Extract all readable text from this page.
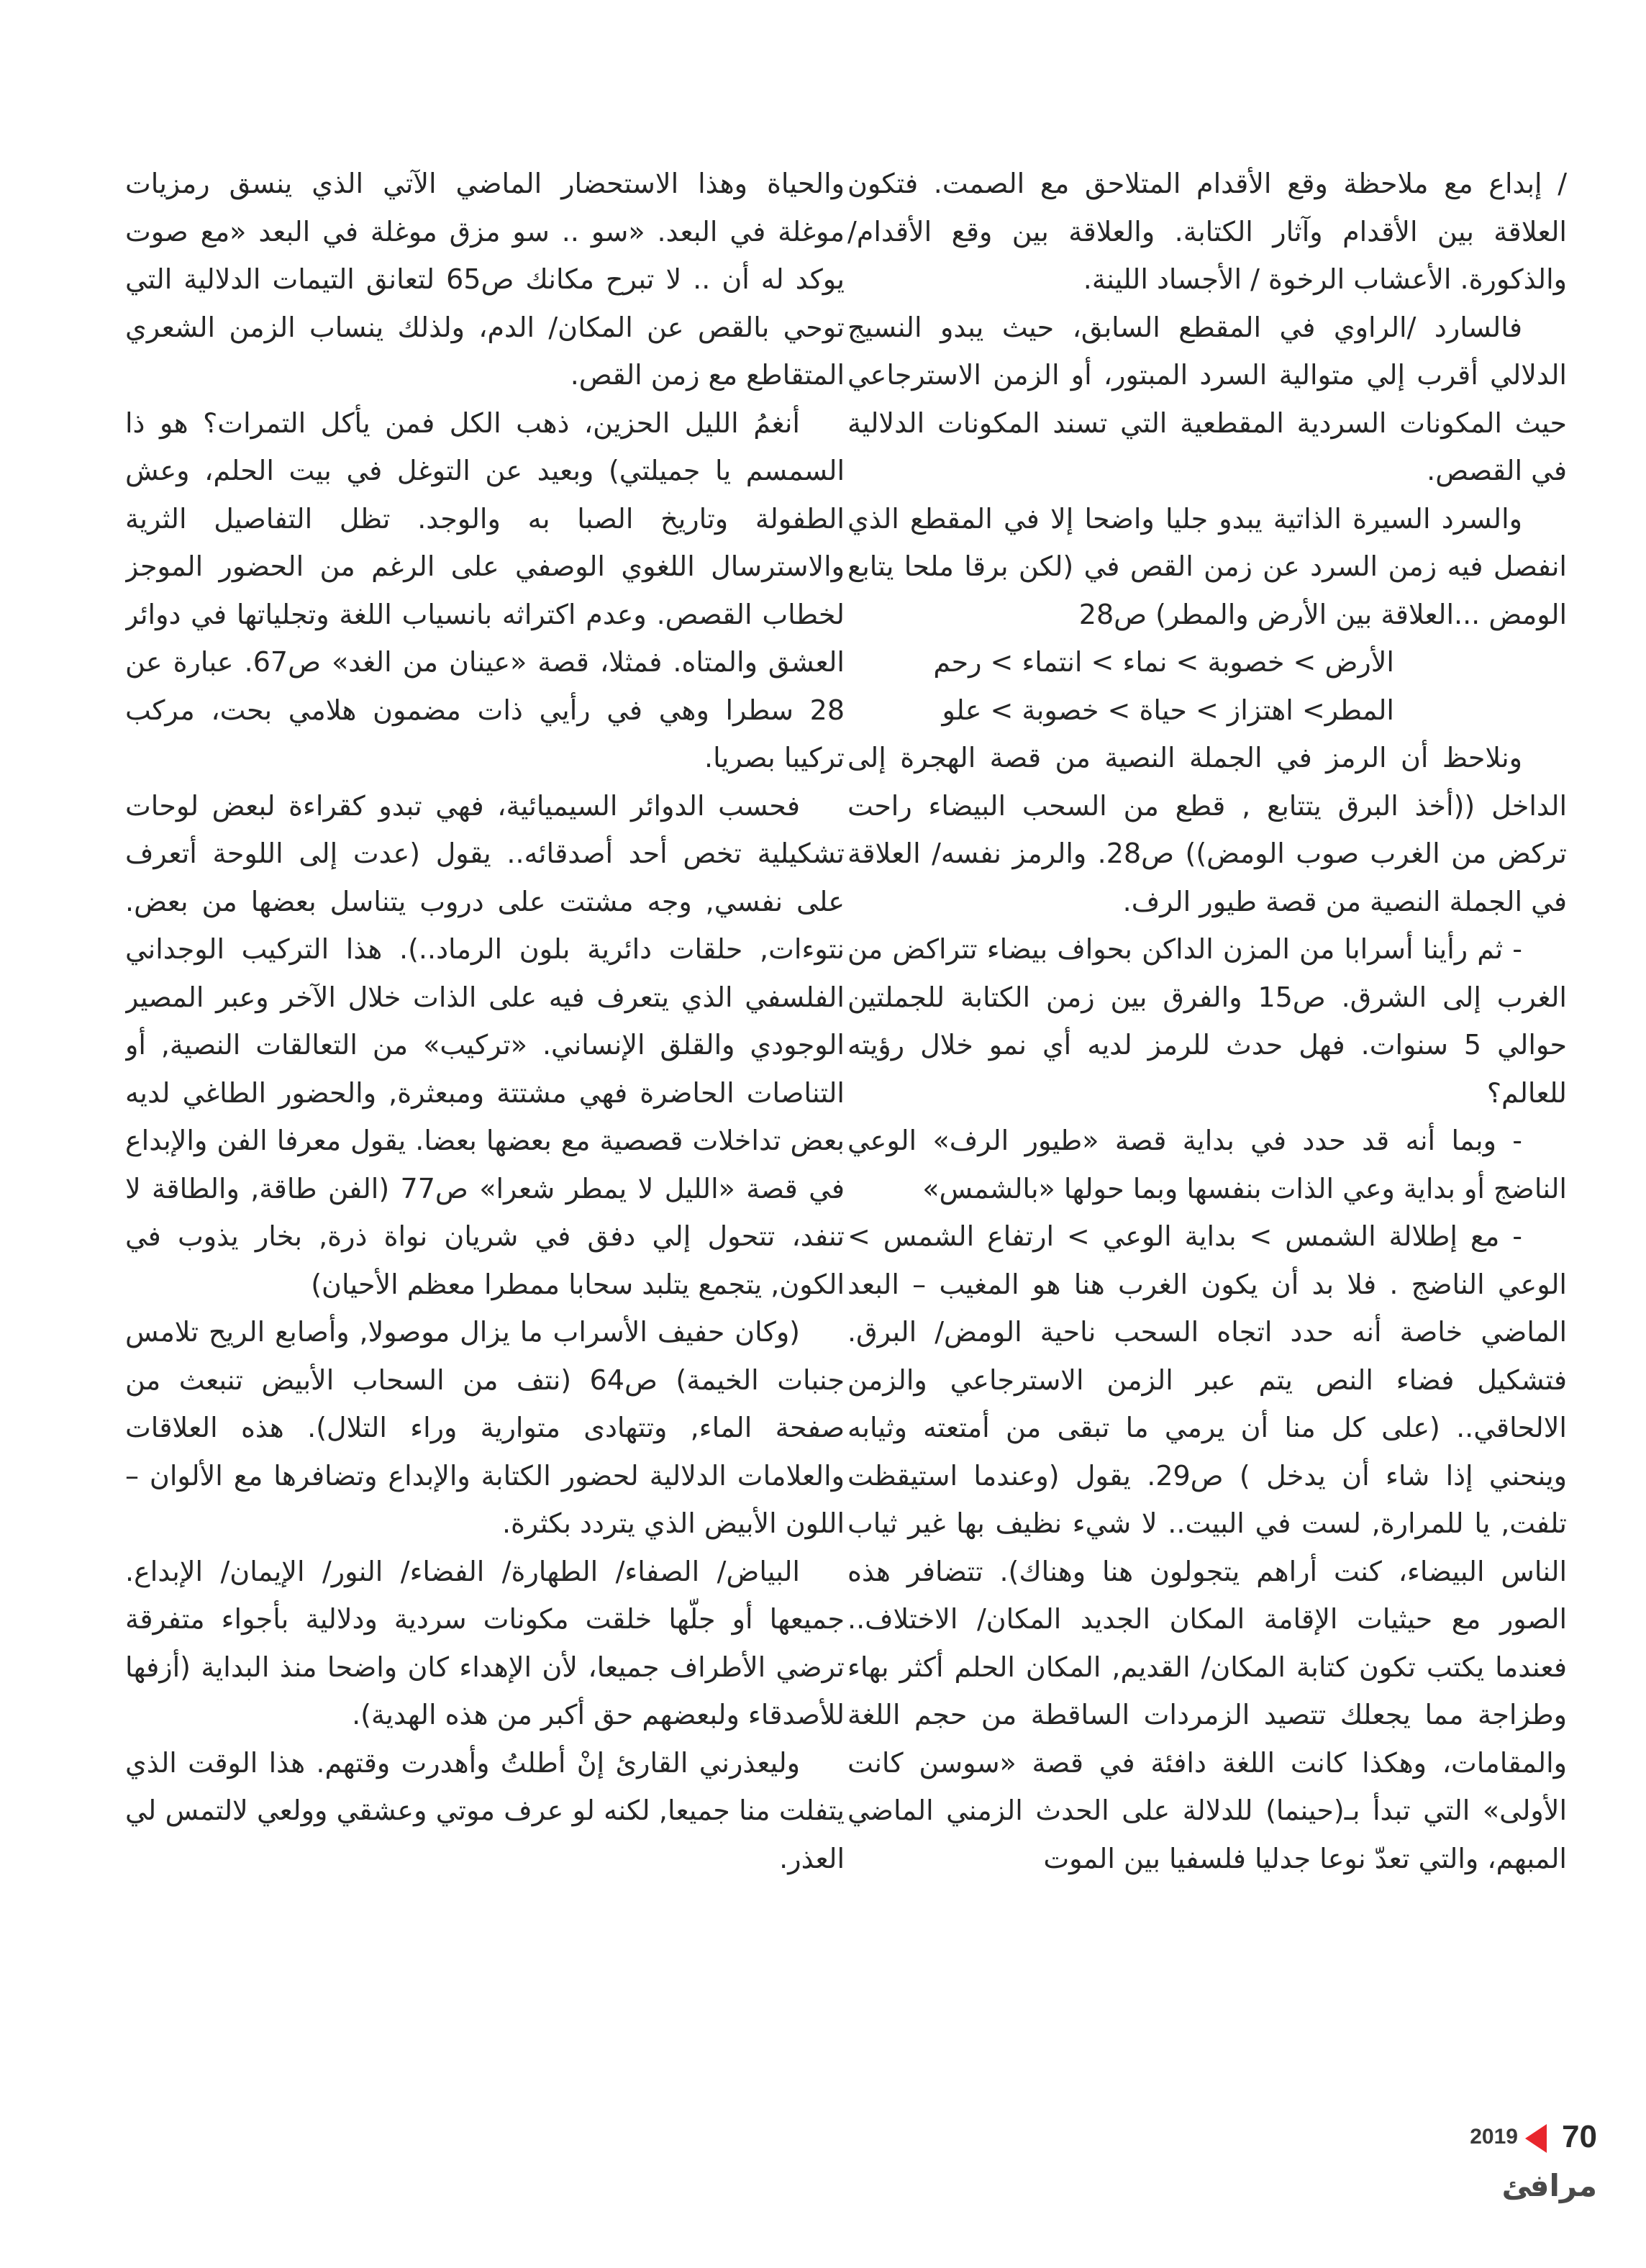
/ إبداع مع ملاحظة وقع الأقدام المتلاحق مع الصمت. فتكون العلاقة بين الأقدام وآثار الكتابة. والعلاقة بين وقع الأقدام/ والذكورة. الأعشاب الرخوة / الأجساد اللينة.

فالسارد /الراوي في المقطع السابق، حيث يبدو النسيج الدلالي أقرب إلي متوالية السرد المبتور، أو الزمن الاسترجاعي حيث المكونات السردية المقطعية التي تسند المكونات الدلالية في القصص.

والسرد السيرة الذاتية يبدو جليا واضحا إلا في المقطع الذي انفصل فيه زمن السرد عن زمن القص في (لكن برقا ملحا يتابع الومض ...العلاقة بين الأرض والمطر) ص28

الأرض > خصوبة > نماء > انتماء > رحم

المطر> اهتزاز > حياة > خصوبة > علو

ونلاحظ أن الرمز في الجملة النصية من قصة الهجرة إلى الداخل ((أخذ البرق يتتابع , قطع من السحب البيضاء راحت تركض من الغرب صوب الومض)) ص28. والرمز نفسه/ العلاقة في الجملة النصية من قصة طيور الرف.

- ثم رأينا أسرابا من المزن الداكن بحواف بيضاء تتراكض من الغرب إلى الشرق. ص15 والفرق بين زمن الكتابة للجملتين حوالي 5 سنوات. فهل حدث للرمز لديه أي نمو خلال رؤيته للعالم؟

- وبما أنه قد حدد في بداية قصة «طيور الرف» الوعي الناضج أو بداية وعي الذات بنفسها وبما حولها «بالشمس»

- مع إطلالة الشمس > بداية الوعي > ارتفاع الشمس > الوعي الناضج . فلا بد أن يكون الغرب هنا هو المغيب – البعد الماضي خاصة أنه حدد اتجاه السحب ناحية الومض/ البرق. فتشكيل فضاء النص يتم عبر الزمن الاسترجاعي والزمن الالحاقي.. (على كل منا أن يرمي ما تبقى من أمتعته وثيابه وينحني إذا شاء أن يدخل ) ص29. يقول (وعندما استيقظت تلفت, يا للمرارة, لست في البيت.. لا شيء نظيف بها غير ثياب الناس البيضاء، كنت أراهم يتجولون هنا وهناك). تتضافر هذه الصور مع حيثيات الإقامة المكان الجديد المكان/ الاختلاف.. فعندما يكتب تكون كتابة المكان/ القديم, المكان الحلم أكثر بهاء وطزاجة مما يجعلك تتصيد الزمردات الساقطة من حجم اللغة والمقامات، وهكذا كانت اللغة دافئة في قصة «سوسن كانت الأولى» التي تبدأ بـ(حينما) للدلالة على الحدث الزمني الماضي المبهم، والتي تعدّ نوعا جدليا فلسفيا بين الموت

والحياة وهذا الاستحضار الماضي الآتي الذي ينسق رمزيات موغلة في البعد. «سو .. سو مزق موغلة في البعد «مع صوت يوكد له أن .. لا تبرح مكانك ص65 لتعانق التيمات الدلالية التي توحي بالقص عن المكان/ الدم، ولذلك ينساب الزمن الشعري المتقاطع مع زمن القص.

أنغمُ الليل الحزين، ذهب الكل فمن يأكل التمرات؟ هو ذا السمسم يا جميلتي) وبعيد عن التوغل في بيت الحلم، وعش الطفولة وتاريخ الصبا به والوجد. تظل التفاصيل الثرية والاسترسال اللغوي الوصفي على الرغم من الحضور الموجز لخطاب القصص. وعدم اكتراثه بانسياب اللغة وتجلياتها في دوائر العشق والمتاه. فمثلا، قصة «عينان من الغد» ص67. عبارة عن 28 سطرا وهي في رأيي ذات مضمون هلامي بحت، مركب تركيبا بصريا.

فحسب الدوائر السيميائية، فهي تبدو كقراءة لبعض لوحات تشكيلية تخص أحد أصدقائه.. يقول (عدت إلى اللوحة أتعرف على نفسي, وجه مشتت على دروب يتناسل بعضها من بعض. نتوءات, حلقات دائرية بلون الرماد..). هذا التركيب الوجداني الفلسفي الذي يتعرف فيه على الذات خلال الآخر وعبر المصير الوجودي والقلق الإنساني. «تركيب» من التعالقات النصية, أو التناصات الحاضرة فهي مشتتة ومبعثرة, والحضور الطاغي لديه بعض تداخلات قصصية مع بعضها بعضا. يقول معرفا الفن والإبداع في قصة «الليل لا يمطر شعرا» ص77 (الفن طاقة, والطاقة لا تنفد، تتحول إلي دفق في شريان نواة ذرة, بخار يذوب في الكون, يتجمع يتلبد سحابا ممطرا معظم الأحيان)

(وكان حفيف الأسراب ما يزال موصولا, وأصابع الريح تلامس جنبات الخيمة) ص64 (نتف من السحاب الأبيض تنبعث من صفحة الماء, وتتهادى متوارية وراء التلال). هذه العلاقات والعلامات الدلالية لحضور الكتابة والإبداع وتضافرها مع الألوان – اللون الأبيض الذي يتردد بكثرة.

البياض/ الصفاء/ الطهارة/ الفضاء/ النور/ الإيمان/ الإبداع. جميعها أو جلّها خلقت مكونات سردية ودلالية بأجواء متفرقة ترضي الأطراف جميعا، لأن الإهداء كان واضحا منذ البداية (أزفها للأصدقاء ولبعضهم حق أكبر من هذه الهدية).

وليعذرني القارئ إنْ أطلتُ وأهدرت وقتهم. هذا الوقت الذي يتفلت منا جميعا, لكنه لو عرف موتي وعشقي وولعي لالتمس لي العذر.

70
2019
مرافئ
